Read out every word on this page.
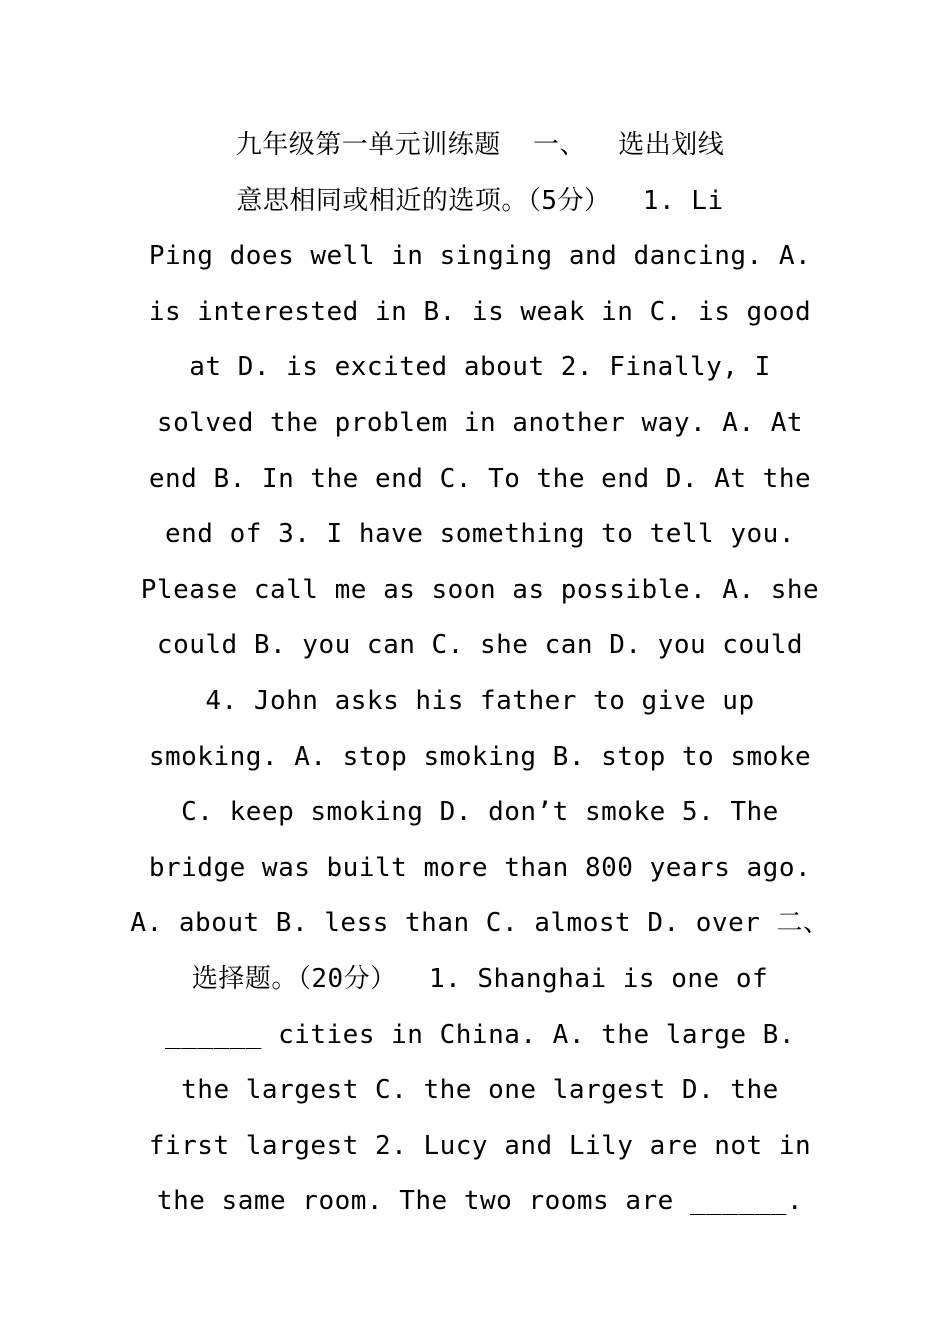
九年级第一单元训练题  一、  选出划线
意思相同或相近的选项。（5分）  1. Li
Ping does well in singing and dancing. A.
is interested in B. is weak in C. is good
at D. is excited about 2. Finally, I
solved the problem in another way. A. At
end B. In the end C. To the end D. At the
end of 3. I have something to tell you.
Please call me as soon as possible. A. she
could B. you can C. she can D. you could
4. John asks his father to give up
smoking. A. stop smoking B. stop to smoke
C. keep smoking D. don’t smoke 5. The
bridge was built more than 800 years ago.
A. about B. less than C. almost D. over 二、
选择题。（20分）  1. Shanghai is one of
______ cities in China. A. the large B.
the largest C. the one largest D. the
first largest 2. Lucy and Lily are not in
the same room. The two rooms are ______.
